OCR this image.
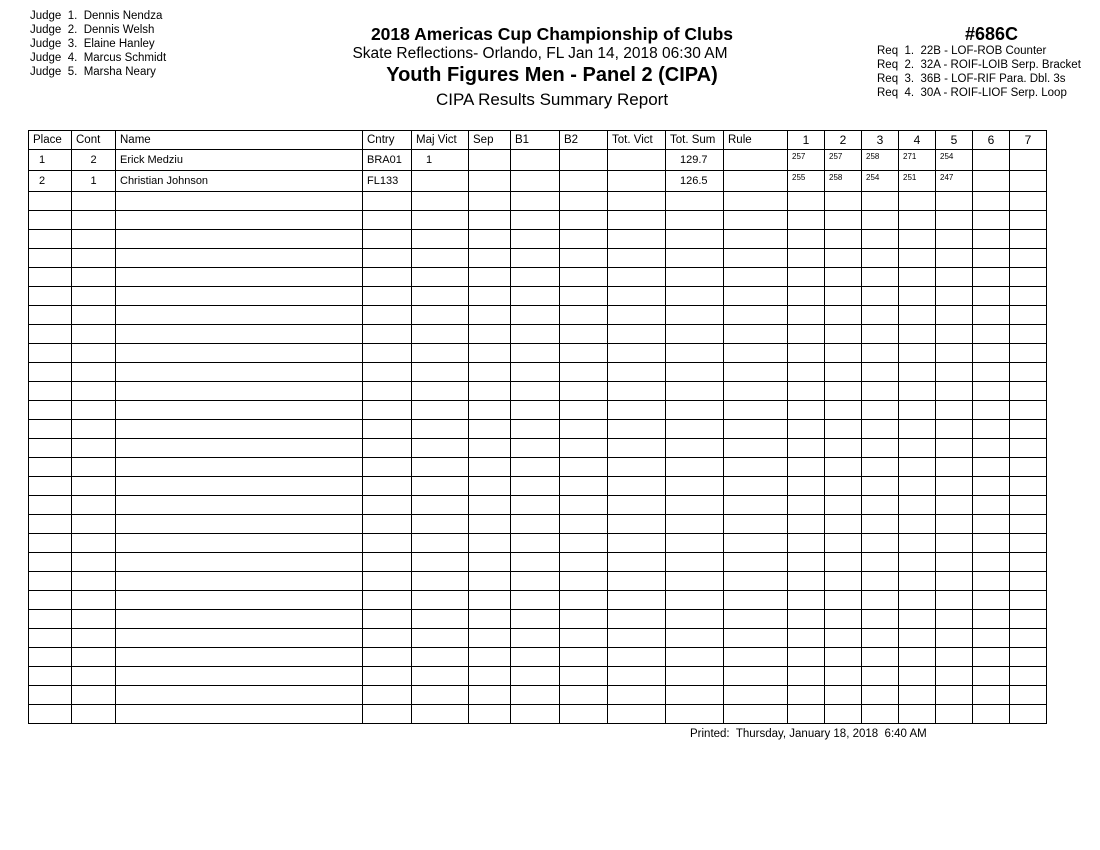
Judge  1.  Dennis Nendza
Judge  2.  Dennis Welsh
Judge  3.  Elaine Hanley
Judge  4.  Marcus Schmidt
Judge  5.  Marsha Neary
#686C
Req  1.  22B - LOF-ROB Counter
Req  2.  32A - ROIF-LOIB Serp. Bracket
Req  3.  36B - LOF-RIF Para. Dbl. 3s
Req  4.  30A - ROIF-LIOF Serp. Loop
2018 Americas Cup Championship of Clubs
Skate Reflections- Orlando, FL Jan 14, 2018 06:30 AM
Youth Figures Men - Panel 2 (CIPA)
CIPA Results Summary Report
Place	Cont	Name	Cntry	Maj Vict	Sep	B1	B2	Tot. Vict	Tot. Sum	Rule	1	2	3	4	5	6	7
1	2	Erick Medziu	BRA01	1					129.7		257	257	258	271	254		
2	1	Christian Johnson	FL133						126.5		255	258	254	251	247		

Printed:  Thursday, January 18, 2018  6:40 AM
